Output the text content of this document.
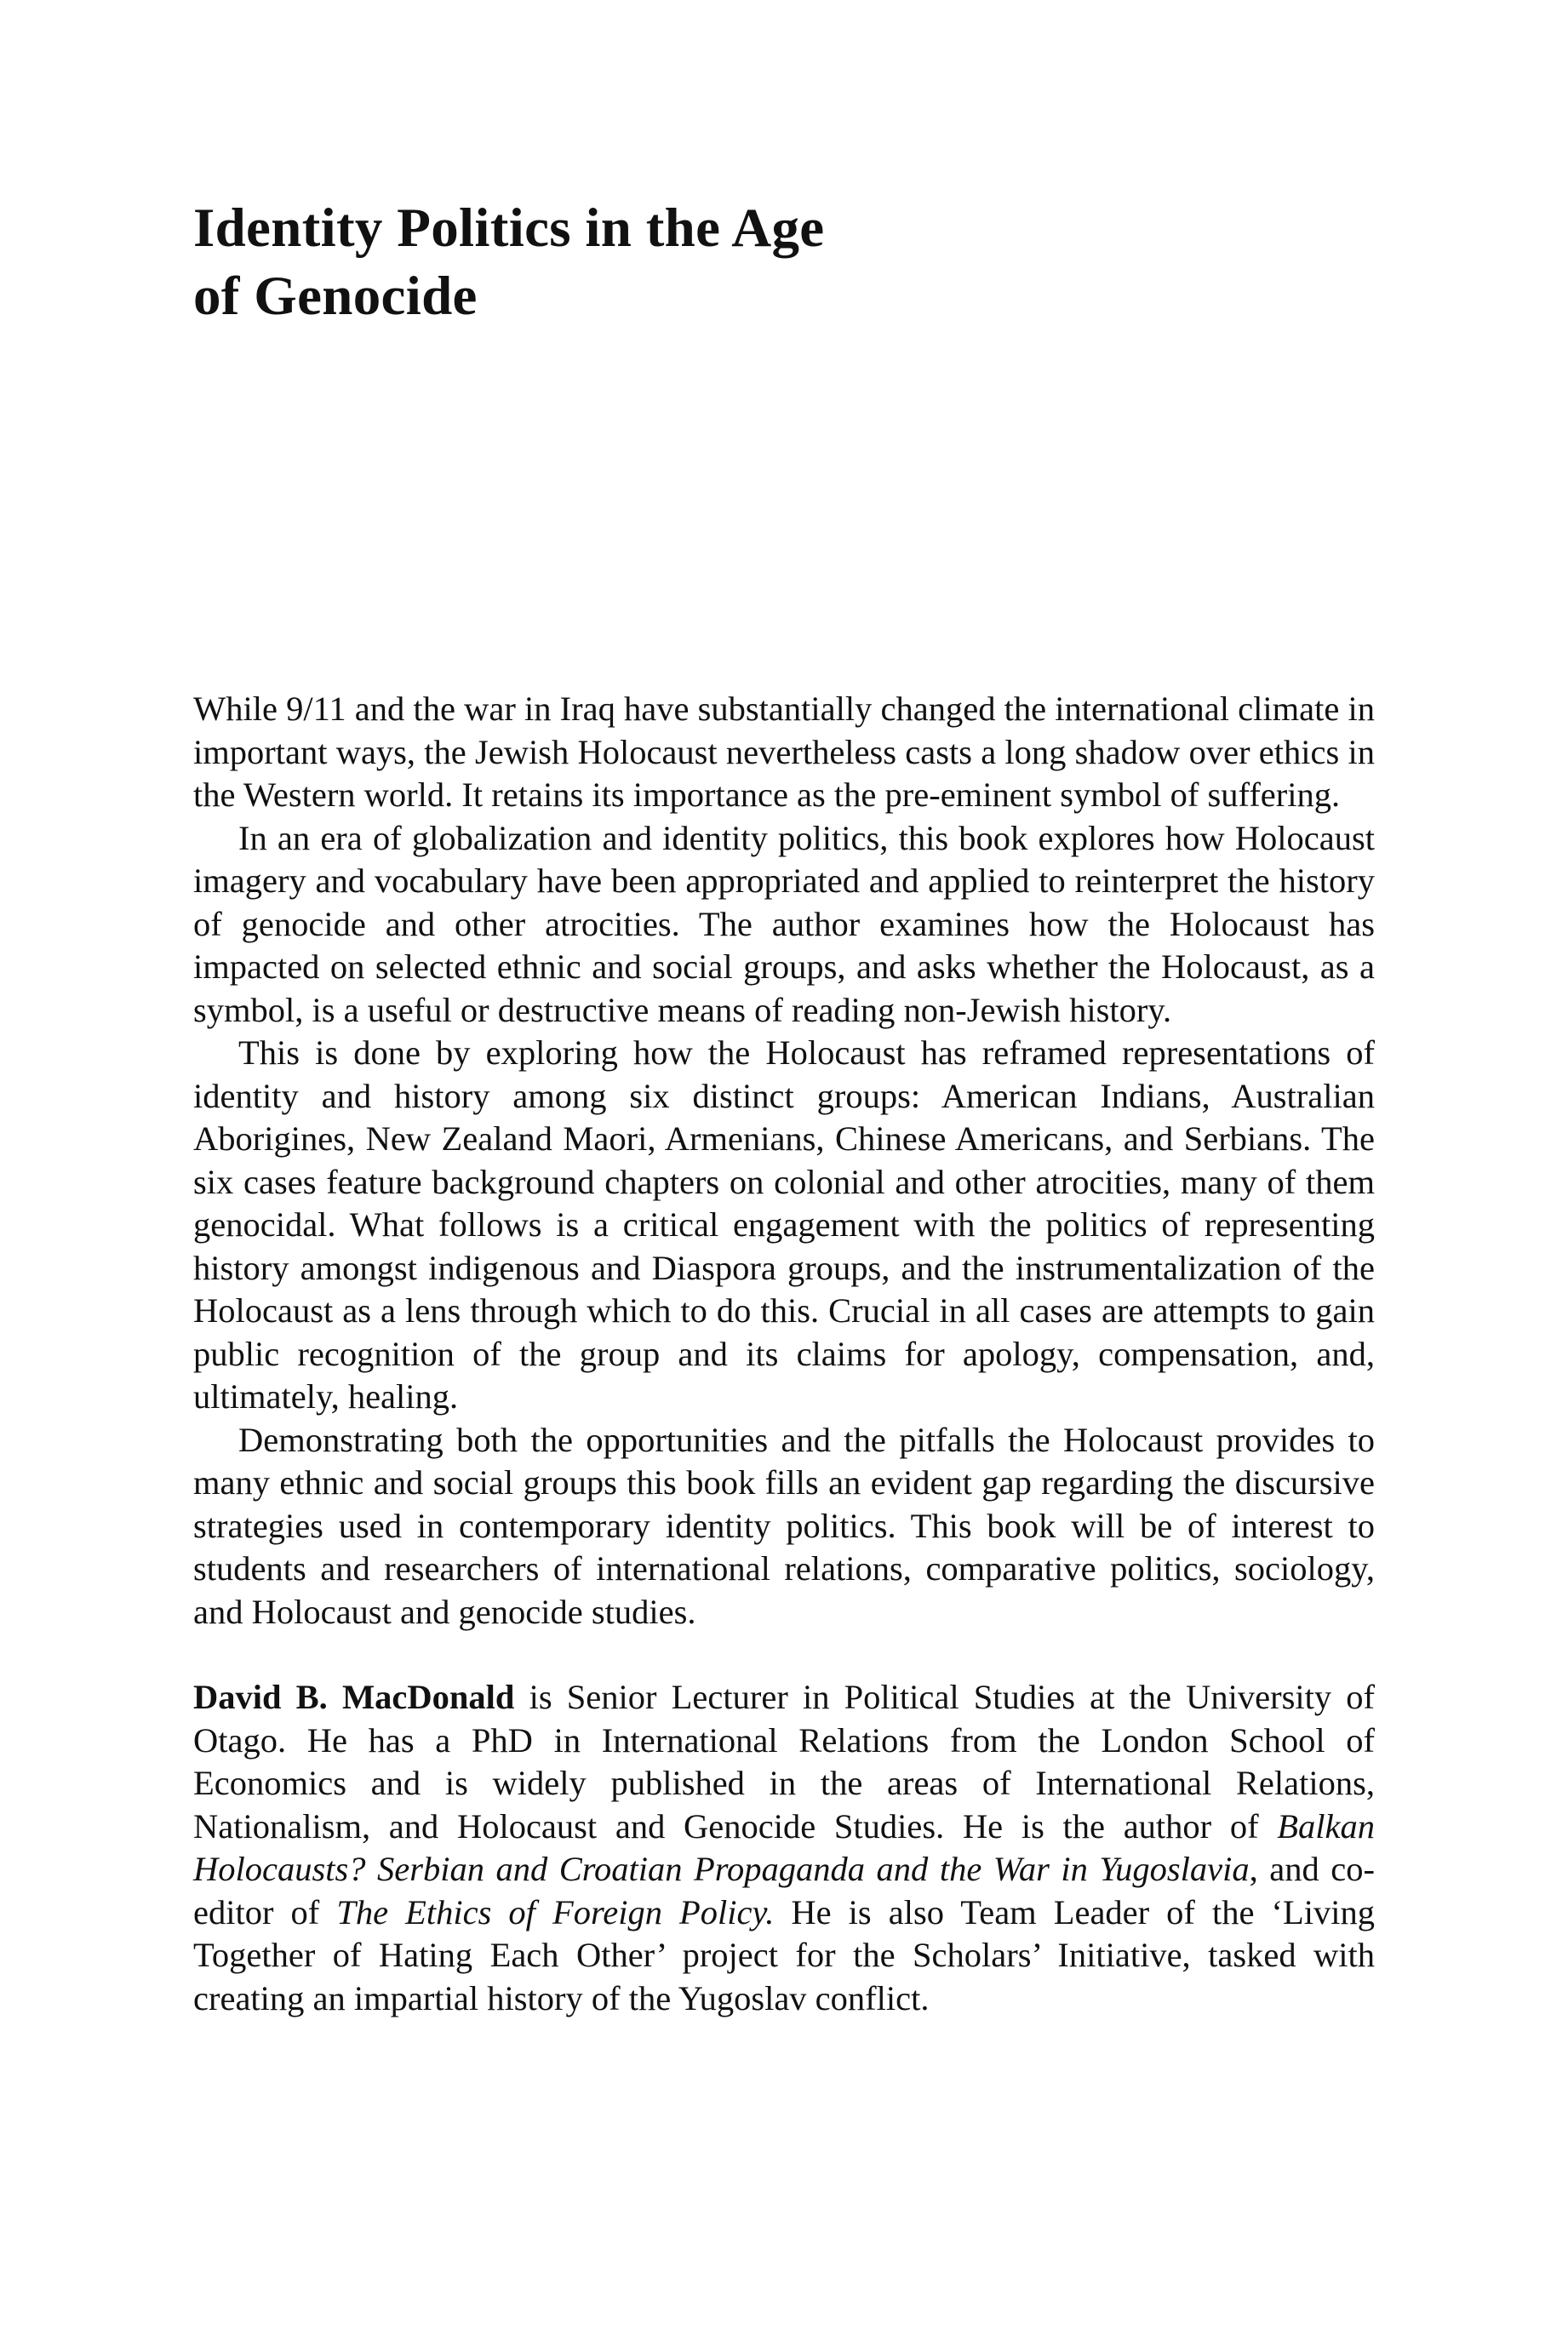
Identity Politics in the Age
of Genocide

While 9/11 and the war in Iraq have substantially changed the international climate in important ways, the Jewish Holocaust nevertheless casts a long shadow over ethics in the Western world. It retains its importance as the pre-eminent symbol of suffering.

In an era of globalization and identity politics, this book explores how Holocaust imagery and vocabulary have been appropriated and applied to reinterpret the history of genocide and other atrocities. The author examines how the Holocaust has impacted on selected ethnic and social groups, and asks whether the Holocaust, as a symbol, is a useful or destructive means of reading non-Jewish history.

This is done by exploring how the Holocaust has reframed representations of identity and history among six distinct groups: American Indians, Australian Aborigines, New Zealand Maori, Armenians, Chinese Americans, and Serbians. The six cases feature background chapters on colonial and other atrocities, many of them genocidal. What follows is a critical engagement with the politics of representing history amongst indigenous and Diaspora groups, and the instrumentalization of the Holocaust as a lens through which to do this. Crucial in all cases are attempts to gain public recognition of the group and its claims for apology, compensation, and, ultimately, healing.

Demonstrating both the opportunities and the pitfalls the Holocaust provides to many ethnic and social groups this book fills an evident gap regarding the discursive strategies used in contemporary identity politics. This book will be of interest to students and researchers of international relations, comparative politics, sociology, and Holocaust and genocide studies.

David B. MacDonald is Senior Lecturer in Political Studies at the University of Otago. He has a PhD in International Relations from the London School of Economics and is widely published in the areas of International Relations, Nationalism, and Holocaust and Genocide Studies. He is the author of Balkan Holocausts? Serbian and Croatian Propaganda and the War in Yugoslavia, and co-editor of The Ethics of Foreign Policy. He is also Team Leader of the ‘Living Together of Hating Each Other’ project for the Scholars’ Initiative, tasked with creating an impartial history of the Yugoslav conflict.
